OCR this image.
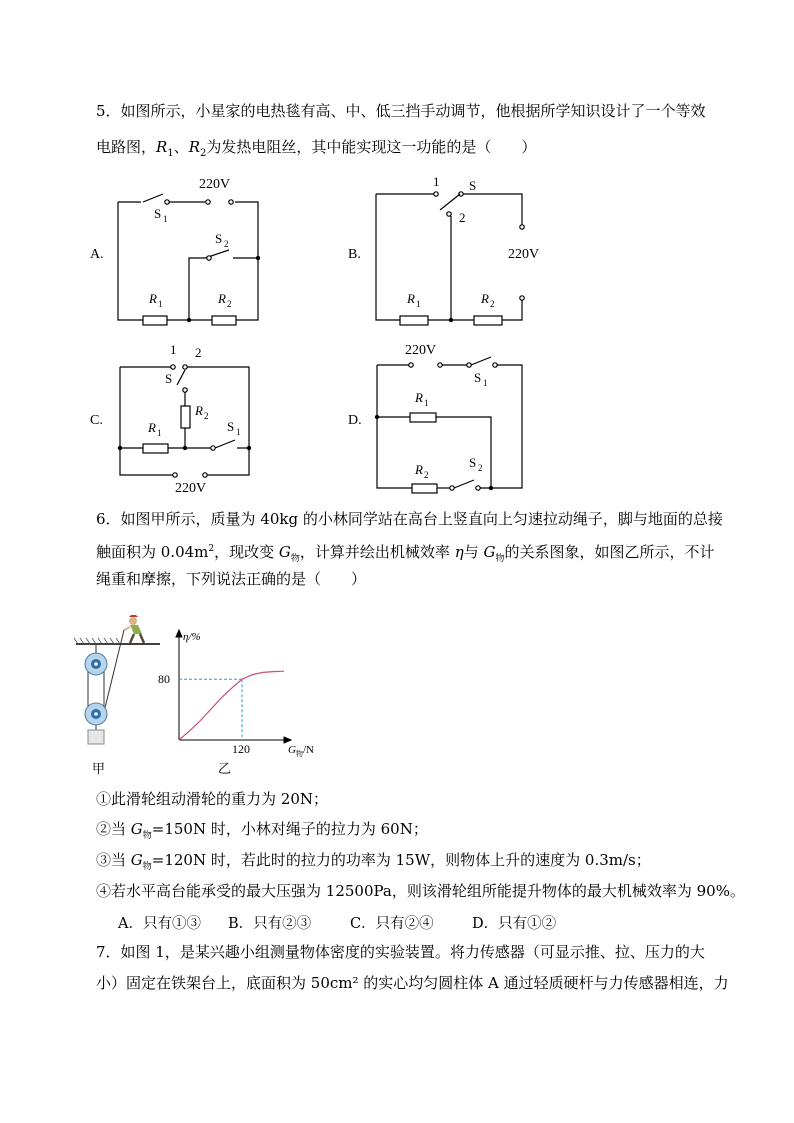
5．如图所示，小星家的电热毯有高、中、低三挡手动调节，他根据所学知识设计了一个等效
电路图，$R_1$、$R_2$为发热电阻丝，其中能实现这一功能的是（　　）
A.
220V
S 1
S 2
R 1	R 2
B.
1 S
2
220V
R 1	R 2
C.
1 2
S
R 2
R 1	S 1
220V
D.
220V
S 1
R 1
R 2
S 2
6．如图甲所示，质量为 40kg 的小林同学站在高台上竖直向上匀速拉动绳子，脚与地面的总接
触面积为 $0.04m^2$，现改变 $G_物$，计算并绘出机械效率 η与 $G_物$的关系图象，如图乙所示，不计
绳重和摩擦，下列说法正确的是（　　）
甲
η/%
80
120	G 物 /N
乙
①此滑轮组动滑轮的重力为 20N；
②当 $G_物=150N$ 时，小林对绳子的拉力为 60N；
③当 $G_物=120N$ 时，若此时的拉力的功率为 15W，则物体上升的速度为 0.3m/s；
④若水平高台能承受的最大压强为 12500Pa，则该滑轮组所能提升物体的最大机械效率为 90%。
A．只有①③ B．只有②③	C．只有②④	D．只有①②
7．如图 1，是某兴趣小组测量物体密度的实验装置。将力传感器（可显示推、拉、压力的大
小）固定在铁架台上，底面积为 50cm² 的实心均匀圆柱体 A 通过轻质硬杆与力传感器相连，力
